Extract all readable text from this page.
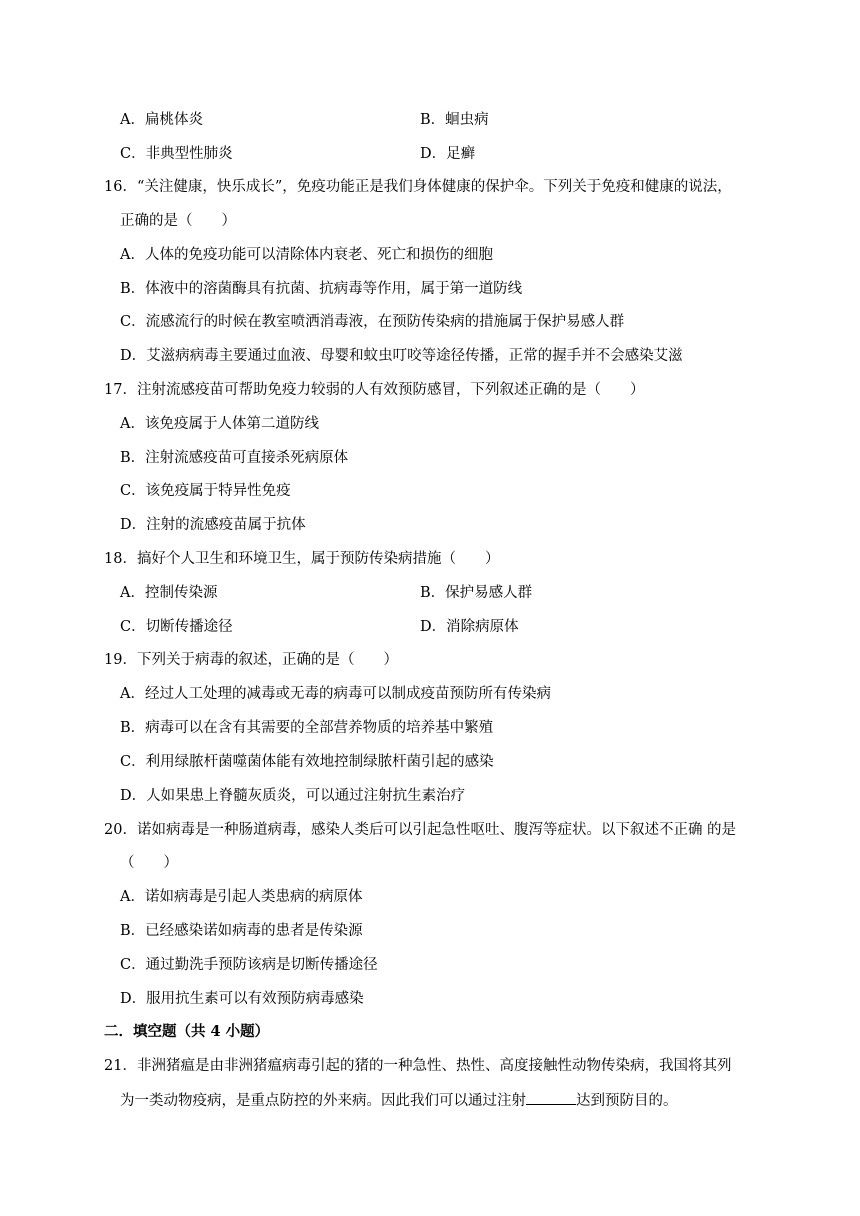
A．扁桃体炎	B．蛔虫病
C．非典型性肺炎	D．足癣
16．“关注健康，快乐成长”，免疫功能正是我们身体健康的保护伞。下列关于免疫和健康的说法，
正确的是（　　）
A．人体的免疫功能可以清除体内衰老、死亡和损伤的细胞
B．体液中的溶菌酶具有抗菌、抗病毒等作用，属于第一道防线
C．流感流行的时候在教室喷洒消毒液，在预防传染病的措施属于保护易感人群
D．艾滋病病毒主要通过血液、母婴和蚊虫叮咬等途径传播，正常的握手并不会感染艾滋
17．注射流感疫苗可帮助免疫力较弱的人有效预防感冒，下列叙述正确的是（　　）
A．该免疫属于人体第二道防线
B．注射流感疫苗可直接杀死病原体
C．该免疫属于特异性免疫
D．注射的流感疫苗属于抗体
18．搞好个人卫生和环境卫生，属于预防传染病措施（　　）
A．控制传染源	B．保护易感人群
C．切断传播途径	D．消除病原体
19．下列关于病毒的叙述，正确的是（　　）
A．经过人工处理的减毒或无毒的病毒可以制成疫苗预防所有传染病
B．病毒可以在含有其需要的全部营养物质的培养基中繁殖
C．利用绿脓杆菌噬菌体能有效地控制绿脓杆菌引起的感染
D．人如果患上脊髓灰质炎，可以通过注射抗生素治疗
20．诺如病毒是一种肠道病毒，感染人类后可以引起急性呕吐、腹泻等症状。以下叙述不正确 的是
（　　）
A．诺如病毒是引起人类患病的病原体
B．已经感染诺如病毒的患者是传染源
C．通过勤洗手预防该病是切断传播途径
D．服用抗生素可以有效预防病毒感染
二．填空题（共 4 小题）
21．非洲猪瘟是由非洲猪瘟病毒引起的猪的一种急性、热性、高度接触性动物传染病，我国将其列
为一类动物疫病，是重点防控的外来病。因此我们可以通过注射	达到预防目的。
